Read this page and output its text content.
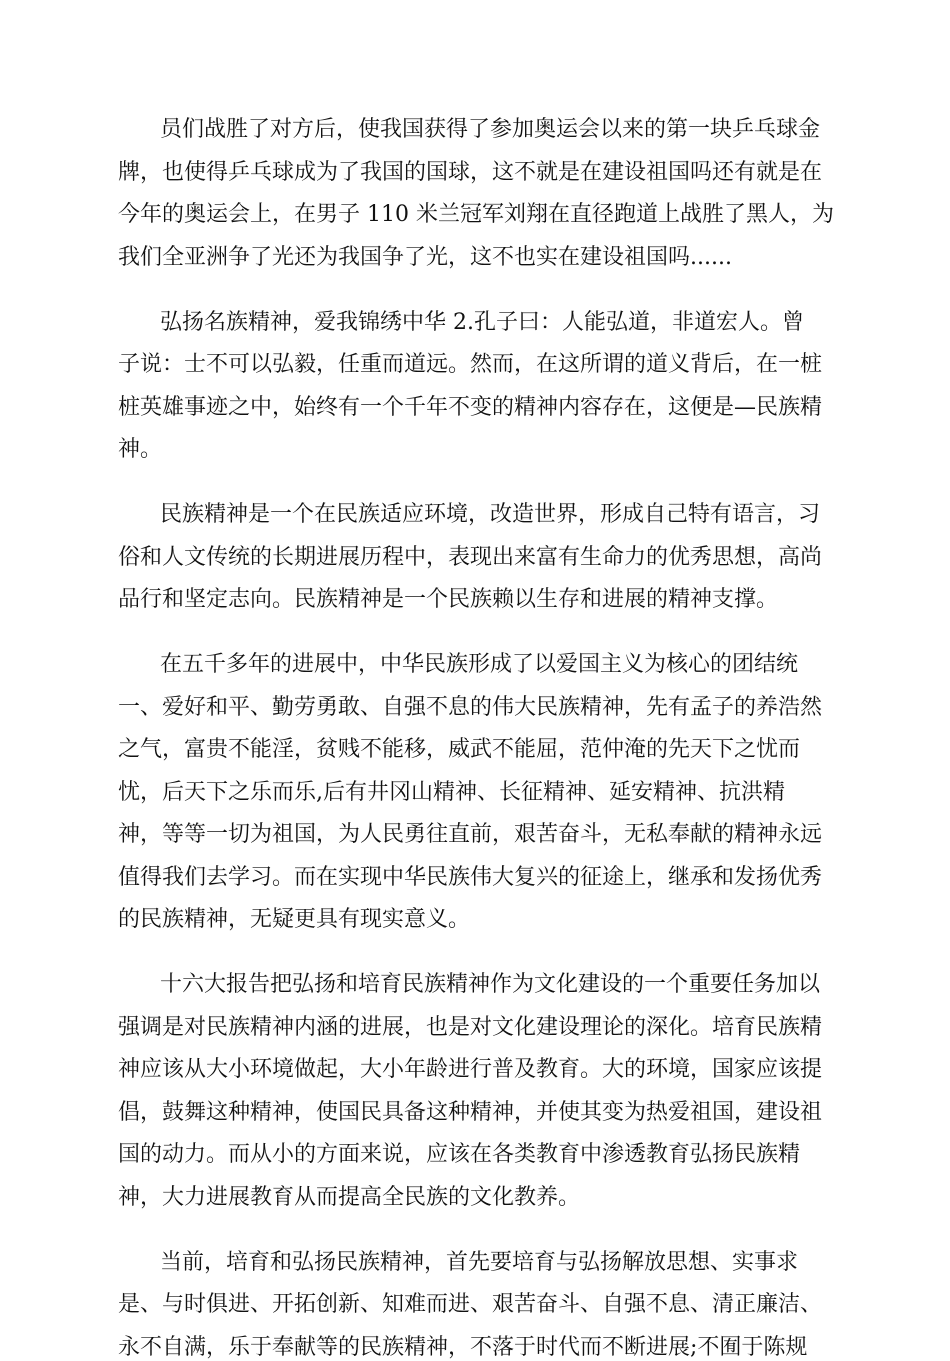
员们战胜了对方后，使我国获得了参加奥运会以来的第一块乒乓球金
牌，也使得乒乓球成为了我国的国球，这不就是在建设祖国吗还有就是在
今年的奥运会上，在男子 110 米兰冠军刘翔在直径跑道上战胜了黑人，为
我们全亚洲争了光还为我国争了光，这不也实在建设祖国吗......
弘扬名族精神，爱我锦绣中华 2.孔子曰：人能弘道，非道宏人。曾
子说：士不可以弘毅，任重而道远。然而，在这所谓的道义背后，在一桩
桩英雄事迹之中，始终有一个千年不变的精神内容存在，这便是—民族精
神。
民族精神是一个在民族适应环境，改造世界，形成自己特有语言，习
俗和人文传统的长期进展历程中，表现出来富有生命力的优秀思想，高尚
品行和坚定志向。民族精神是一个民族赖以生存和进展的精神支撑。
在五千多年的进展中，中华民族形成了以爱国主义为核心的团结统
一、爱好和平、勤劳勇敢、自强不息的伟大民族精神，先有孟子的养浩然
之气，富贵不能淫，贫贱不能移，威武不能屈，范仲淹的先天下之忧而
忧，后天下之乐而乐,后有井冈山精神、长征精神、延安精神、抗洪精
神，等等一切为祖国，为人民勇往直前，艰苦奋斗，无私奉献的精神永远
值得我们去学习。而在实现中华民族伟大复兴的征途上，继承和发扬优秀
的民族精神，无疑更具有现实意义。
十六大报告把弘扬和培育民族精神作为文化建设的一个重要任务加以
强调是对民族精神内涵的进展，也是对文化建设理论的深化。培育民族精
神应该从大小环境做起，大小年龄进行普及教育。大的环境，国家应该提
倡，鼓舞这种精神，使国民具备这种精神，并使其变为热爱祖国，建设祖
国的动力。而从小的方面来说，应该在各类教育中渗透教育弘扬民族精
神，大力进展教育从而提高全民族的文化教养。
当前，培育和弘扬民族精神，首先要培育与弘扬解放思想、实事求
是、与时俱进、开拓创新、知难而进、艰苦奋斗、自强不息、清正廉洁、
永不自满，乐于奉献等的民族精神，不落于时代而不断进展;不囿于陈规
